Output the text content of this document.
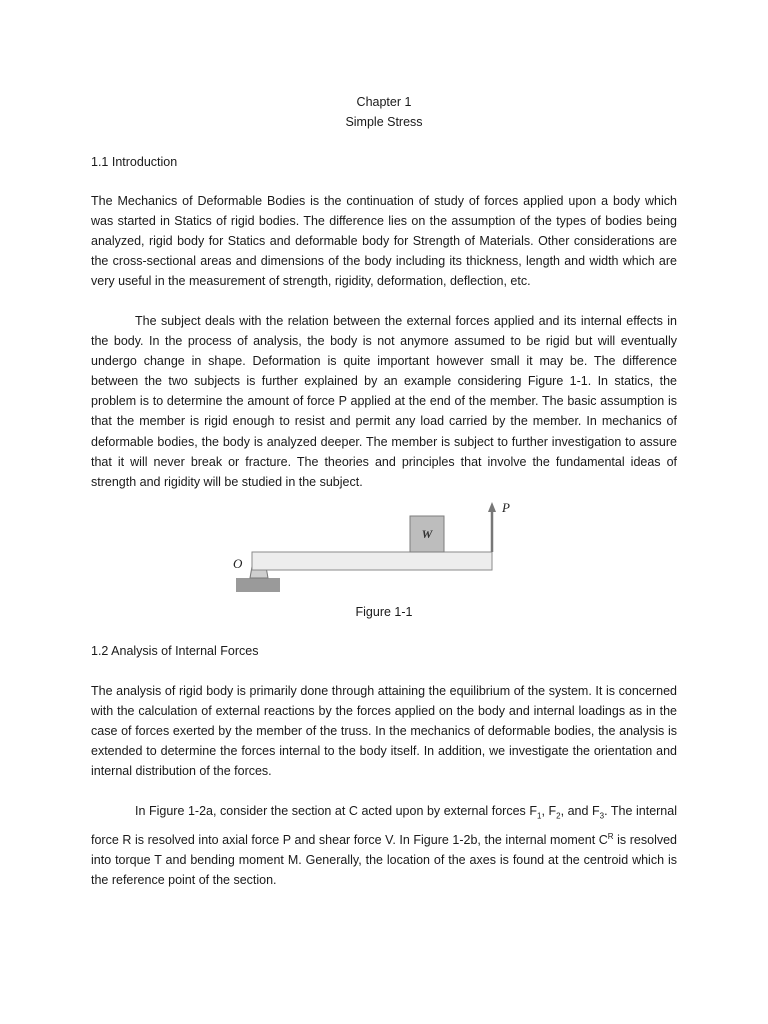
Chapter 1
Simple Stress
1.1 Introduction

The Mechanics of Deformable Bodies is the continuation of study of forces applied upon a body which was started in Statics of rigid bodies. The difference lies on the assumption of the types of bodies being analyzed, rigid body for Statics and deformable body for Strength of Materials. Other considerations are the cross-sectional areas and dimensions of the body including its thickness, length and width which are very useful in the measurement of strength, rigidity, deformation, deflection, etc.

The subject deals with the relation between the external forces applied and its internal effects in the body. In the process of analysis, the body is not anymore assumed to be rigid but will eventually undergo change in shape. Deformation is quite important however small it may be. The difference between the two subjects is further explained by an example considering Figure 1-1. In statics, the problem is to determine the amount of force P applied at the end of the member. The basic assumption is that the member is rigid enough to resist and permit any load carried by the member. In mechanics of deformable bodies, the body is analyzed deeper. The member is subject to further investigation to assure that it will never break or fracture. The theories and principles that involve the fundamental ideas of strength and rigidity will be studied in the subject.

W
P
O
Figure 1-1
1.2 Analysis of Internal Forces

The analysis of rigid body is primarily done through attaining the equilibrium of the system. It is concerned with the calculation of external reactions by the forces applied on the body and internal loadings as in the case of forces exerted by the member of the truss. In the mechanics of deformable bodies, the analysis is extended to determine the forces internal to the body itself. In addition, we investigate the orientation and internal distribution of the forces.

In Figure 1-2a, consider the section at C acted upon by external forces $F_1$, $F_2$, and $F_3$. The internal force R is resolved into axial force P and shear force V. In Figure 1-2b, the internal moment $C^R$ is resolved into torque T and bending moment M. Generally, the location of the axes is found at the centroid which is the reference point of the section.
